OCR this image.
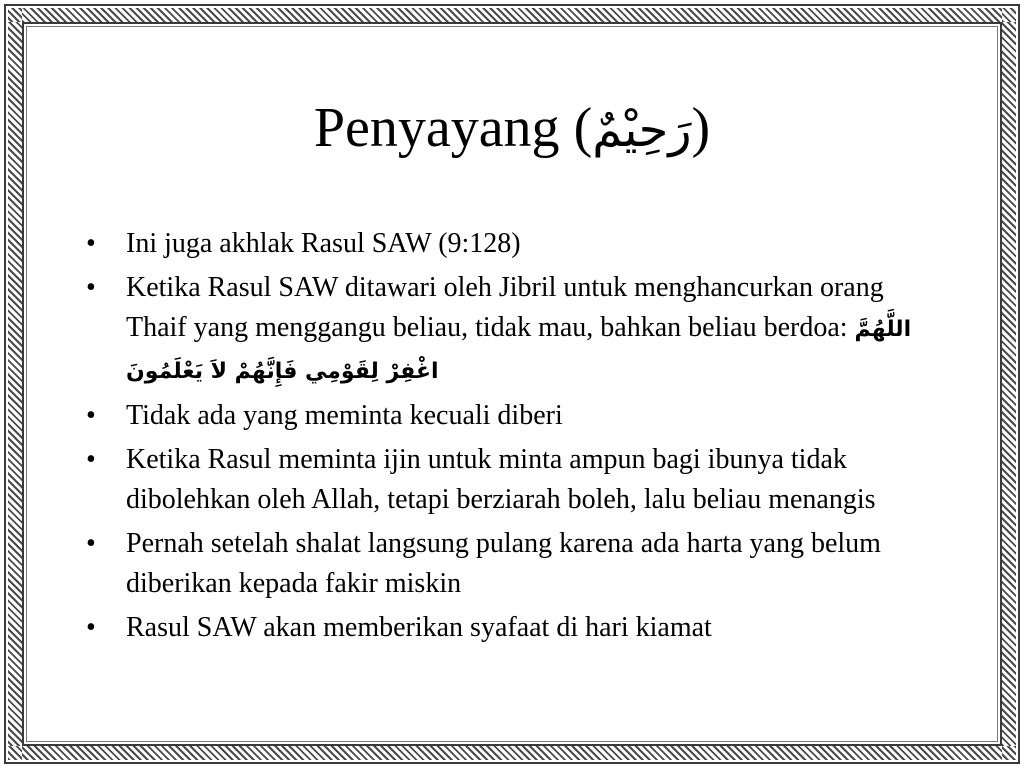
Penyayang (رَحِيْمٌ)
• Ini juga akhlak Rasul SAW (9:128)
• Ketika Rasul SAW ditawari oleh Jibril untuk menghancurkan orang Thaif yang menggangu beliau, tidak mau, bahkan beliau berdoa: اللَّهُمَّ اغْفِرْ لِقَوْمِي فَإِنَّهُمْ لاَ يَعْلَمُونَ
• Tidak ada yang meminta kecuali diberi
• Ketika Rasul meminta ijin untuk minta ampun bagi ibunya tidak dibolehkan oleh Allah, tetapi berziarah boleh, lalu beliau menangis
• Pernah setelah shalat langsung pulang karena ada harta yang belum diberikan kepada fakir miskin
• Rasul SAW akan memberikan syafaat di hari kiamat
